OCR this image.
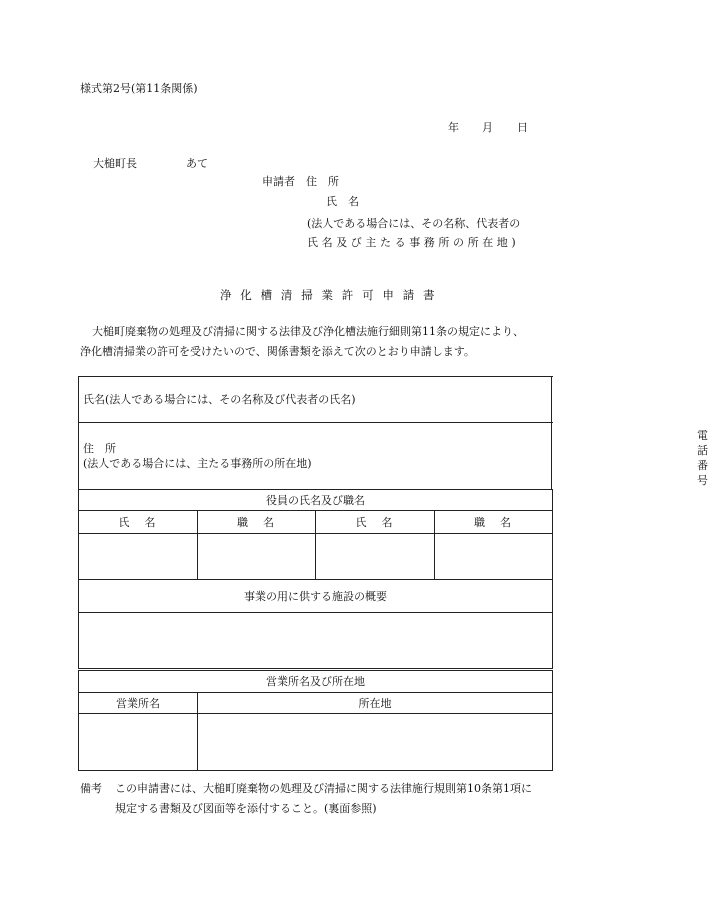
様式第2号(第11条関係)
年 月 日
大槌町長	あて
申請者　住　所
氏　名
(法人である場合には、その名称、代表者の
氏名及び主たる事務所の所在地)
浄化槽清掃業許可申請書
大槌町廃棄物の処理及び清掃に関する法律及び浄化槽法施行細則第11条の規定により、
浄化槽清掃業の許可を受けたいので、関係書類を添えて次のとおり申請します。
氏名(法人である場合には、その名称及び代表者の氏名)	

住　所
(法人である場合には、主たる事務所の所在地)	電話番号
役員の氏名及び職名			
氏　名	職　名	氏　名	職　名

事業の用に供する施設の概要			

営業所名及び所在地	
営業所名	所在地

備考 この申請書には、大槌町廃棄物の処理及び清掃に関する法律施行規則第10条第1項に
規定する書類及び図面等を添付すること。(裏面参照)
